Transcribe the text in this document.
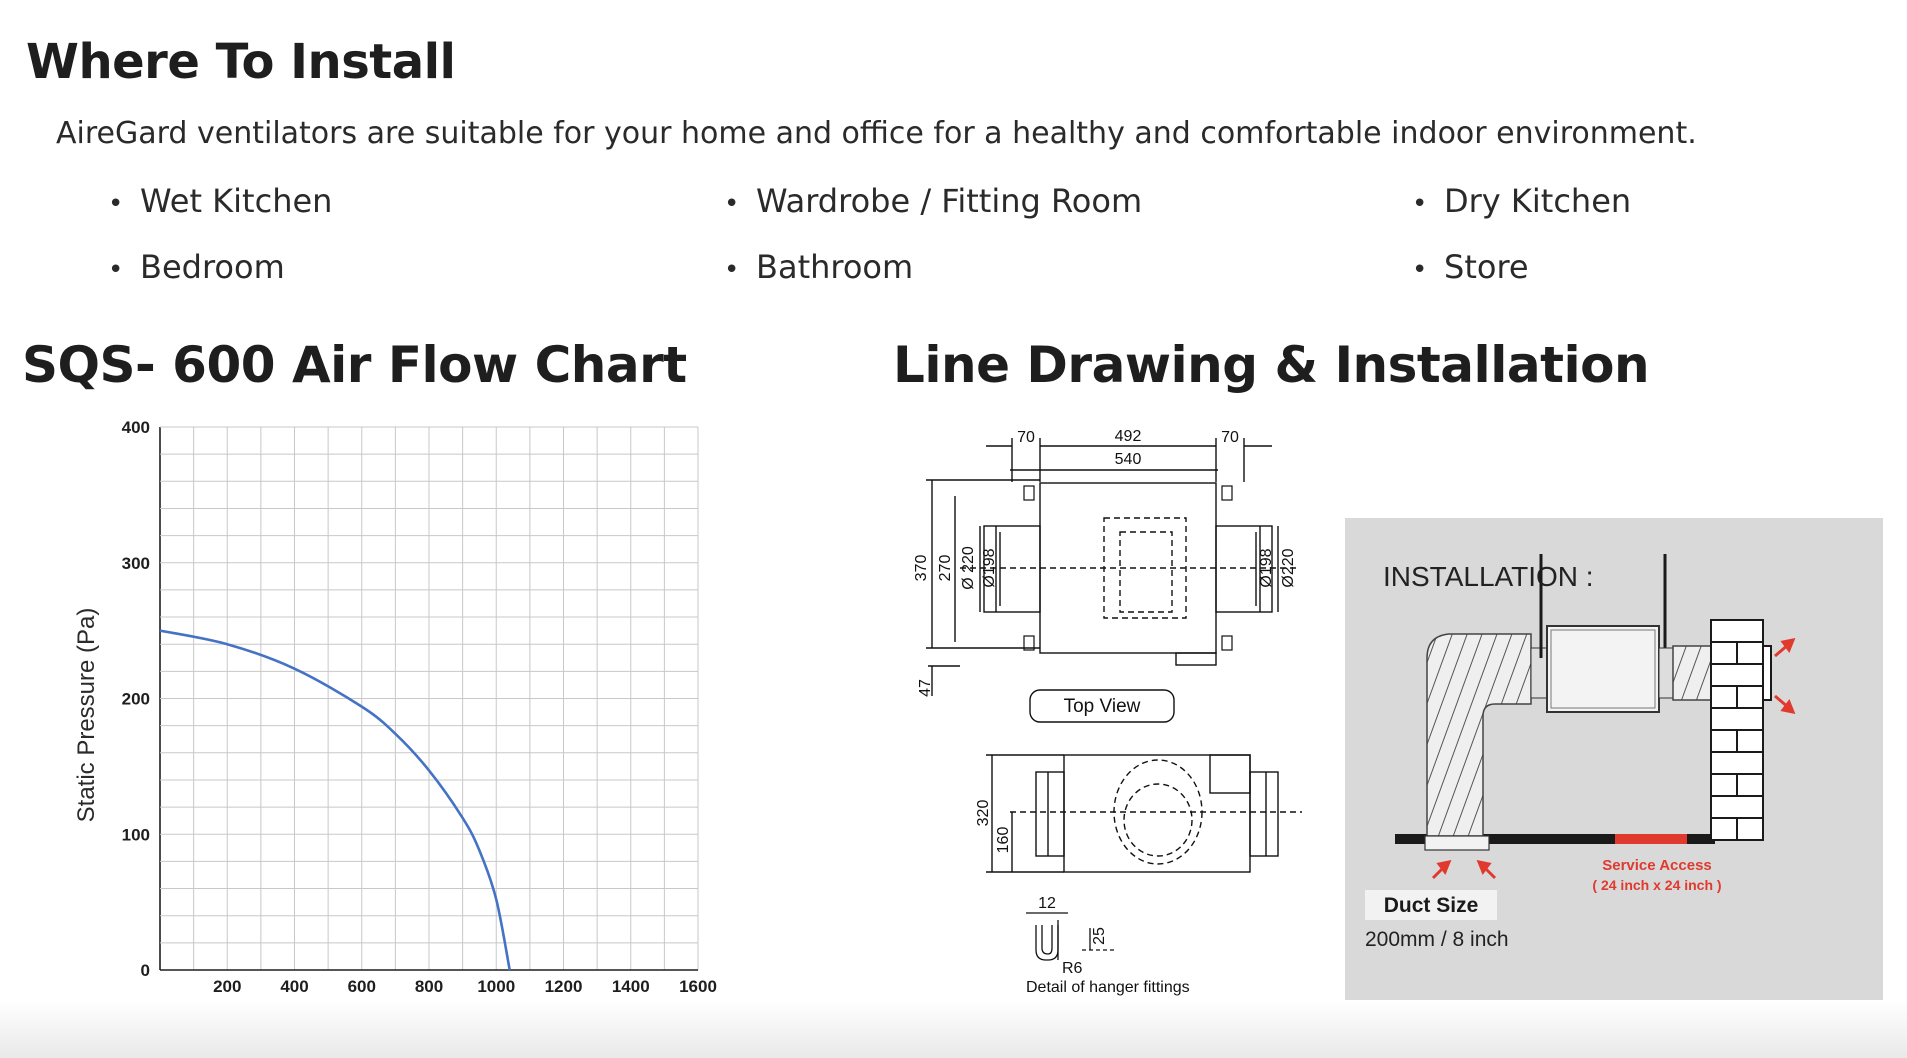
Where To Install
AireGard ventilators are suitable for your home and office for a healthy and comfortable indoor environment.
• Wet Kitchen	• Wardrobe / Fitting Room	• Dry Kitchen
• Bedroom	• Bathroom	• Store
SQS- 600 Air Flow Chart
200 400 600 800 1000 1200 1400 1600
0
100
200
300
400
Static Pressure (Pa)
Line Drawing & Installation
70	492	70
540
370 270 Ø 220 Ø198	Ø198 Ø220
47
320
160
12
25
R6
Detail of hanger fittings
Top View
INSTALLATION :
Service Access
( 24 inch x 24 inch )
Duct Size
200mm / 8 inch
